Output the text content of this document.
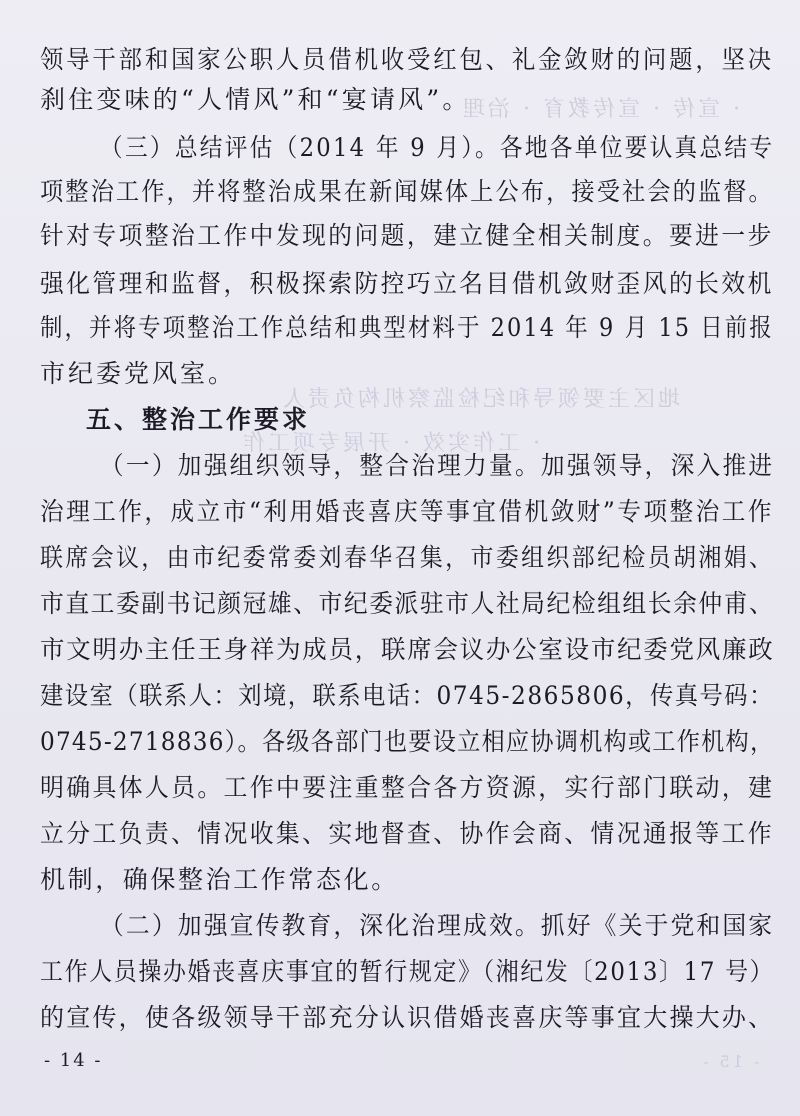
· 宣传 · 宣传教育 · 治理
地区主要领导和纪检监察机构负责人
· 工作实效 · 开展专项工作
- 15 -
领导干部和国家公职人员借机收受红包、礼金敛财的问题，坚决
刹住变味的“人情风”和“宴请风”。
（三）总结评估（2014 年 9 月）。各地各单位要认真总结专
项整治工作，并将整治成果在新闻媒体上公布，接受社会的监督。
针对专项整治工作中发现的问题，建立健全相关制度。要进一步
强化管理和监督，积极探索防控巧立名目借机敛财歪风的长效机
制，并将专项整治工作总结和典型材料于 2014 年 9 月 15 日前报
市纪委党风室。
五、整治工作要求
（一）加强组织领导，整合治理力量。加强领导，深入推进
治理工作，成立市“利用婚丧喜庆等事宜借机敛财”专项整治工作
联席会议，由市纪委常委刘春华召集，市委组织部纪检员胡湘娟、
市直工委副书记颜冠雄、市纪委派驻市人社局纪检组组长余仲甫、
市文明办主任王身祥为成员，联席会议办公室设市纪委党风廉政
建设室（联系人：刘境，联系电话：0745-2865806，传真号码：
0745-2718836）。各级各部门也要设立相应协调机构或工作机构，
明确具体人员。工作中要注重整合各方资源，实行部门联动，建
立分工负责、情况收集、实地督查、协作会商、情况通报等工作
机制，确保整治工作常态化。
（二）加强宣传教育，深化治理成效。抓好《关于党和国家
工作人员操办婚丧喜庆事宜的暂行规定》（湘纪发〔2013〕17 号）
的宣传，使各级领导干部充分认识借婚丧喜庆等事宜大操大办、
- 14 -
